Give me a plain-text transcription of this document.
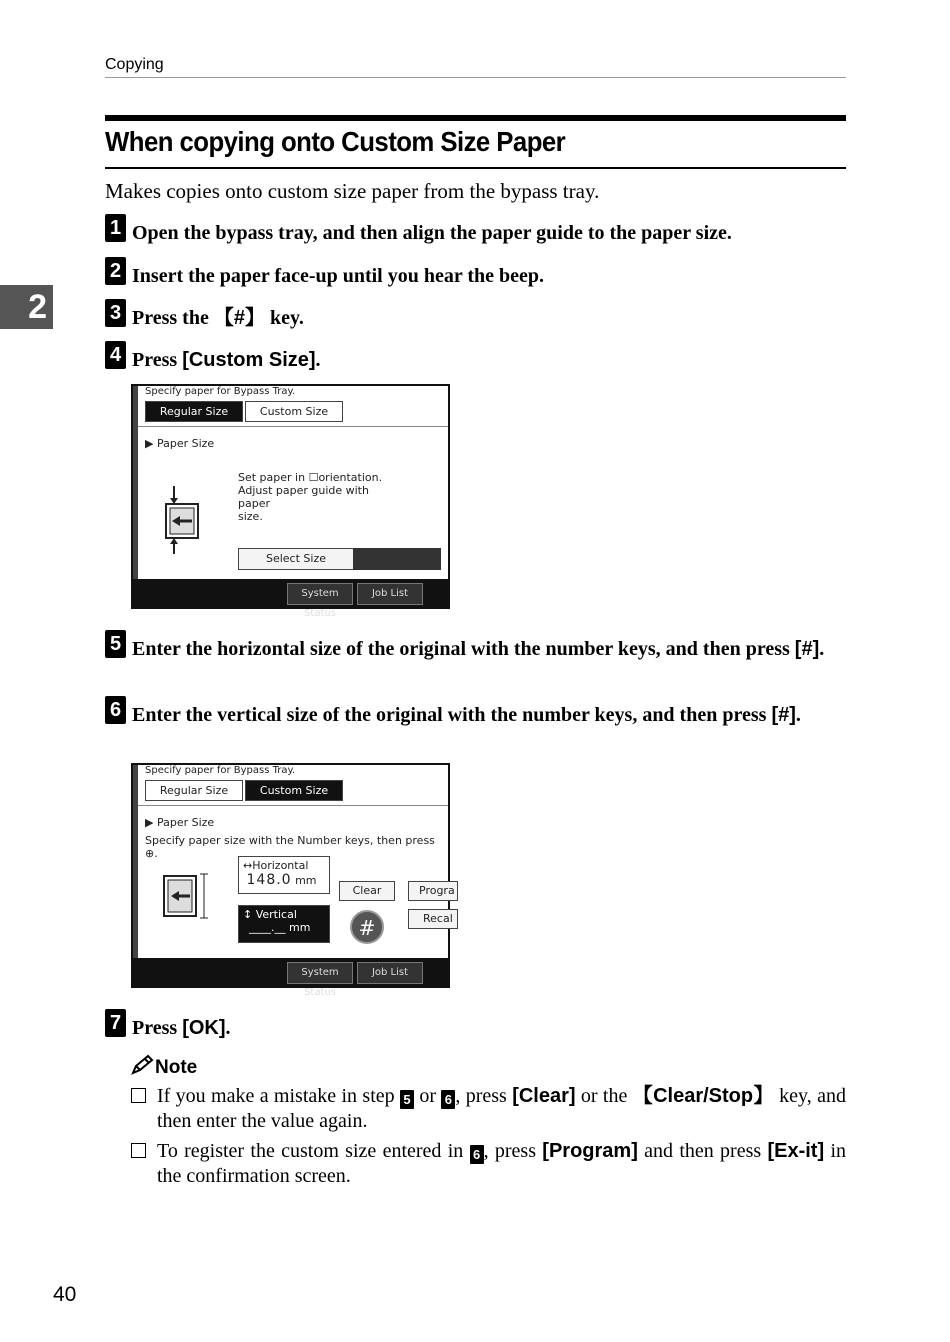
Copying
When copying onto Custom Size Paper
Makes copies onto custom size paper from the bypass tray.
2
1 Open the bypass tray, and then align the paper guide to the paper size.
2 Insert the paper face-up until you hear the beep.
3 Press the 【#】 key.
4 Press [Custom Size].
Specify paper for Bypass Tray.
Regular Size	Custom Size
▶ Paper Size
Set paper in ☐orientation.
Adjust paper guide with paper
size.
Select Size
System Status
Job List
5 Enter the horizontal size of the original with the number keys, and then press [#].
6 Enter the vertical size of the original with the number keys, and then press [#].
Specify paper for Bypass Tray.
Regular Size	Custom Size
▶ Paper Size
Specify paper size with the Number keys, then press ⊕.
↔Horizontal
148.0 mm
↕ Vertical
____.__ mm
Clear	Progra
Recal
#
System Status
Job List
7 Press [OK].
Note
If you make a mistake in step 5 or 6 , press [Clear] or the 【Clear/Stop】 key, and then enter the value again.
To register the custom size entered in 6 , press [Program] and then press [Ex-it] in the confirmation screen.
40
